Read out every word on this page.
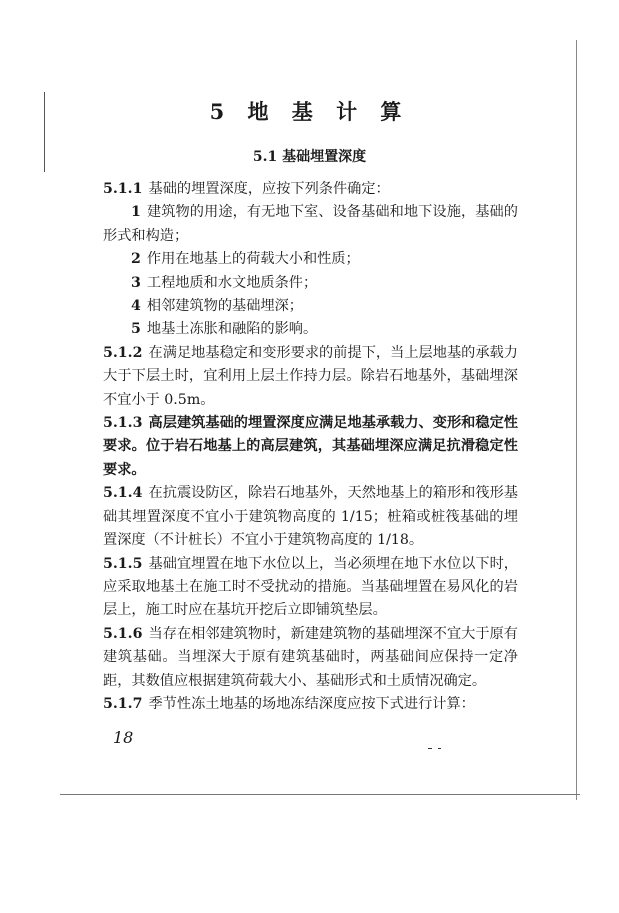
5 地 基 计 算
5.1 基础埋置深度

5.1.1 基础的埋置深度，应按下列条件确定：

1 建筑物的用途，有无地下室、设备基础和地下设施，基础的形式和构造；

2 作用在地基上的荷载大小和性质；

3 工程地质和水文地质条件；

4 相邻建筑物的基础埋深；

5 地基土冻胀和融陷的影响。

5.1.2 在满足地基稳定和变形要求的前提下，当上层地基的承载力大于下层土时，宜利用上层土作持力层。除岩石地基外，基础埋深不宜小于 0.5m。

5.1.3 高层建筑基础的埋置深度应满足地基承载力、变形和稳定性要求。位于岩石地基上的高层建筑，其基础埋深应满足抗滑稳定性要求。

5.1.4 在抗震设防区，除岩石地基外，天然地基上的箱形和筏形基础其埋置深度不宜小于建筑物高度的 1/15；桩箱或桩筏基础的埋置深度（不计桩长）不宜小于建筑物高度的 1/18。

5.1.5 基础宜埋置在地下水位以上，当必须埋在地下水位以下时，应采取地基土在施工时不受扰动的措施。当基础埋置在易风化的岩层上，施工时应在基坑开挖后立即铺筑垫层。

5.1.6 当存在相邻建筑物时，新建建筑物的基础埋深不宜大于原有建筑基础。当埋深大于原有建筑基础时，两基础间应保持一定净距，其数值应根据建筑荷载大小、基础形式和土质情况确定。

5.1.7 季节性冻土地基的场地冻结深度应按下式进行计算：

18
